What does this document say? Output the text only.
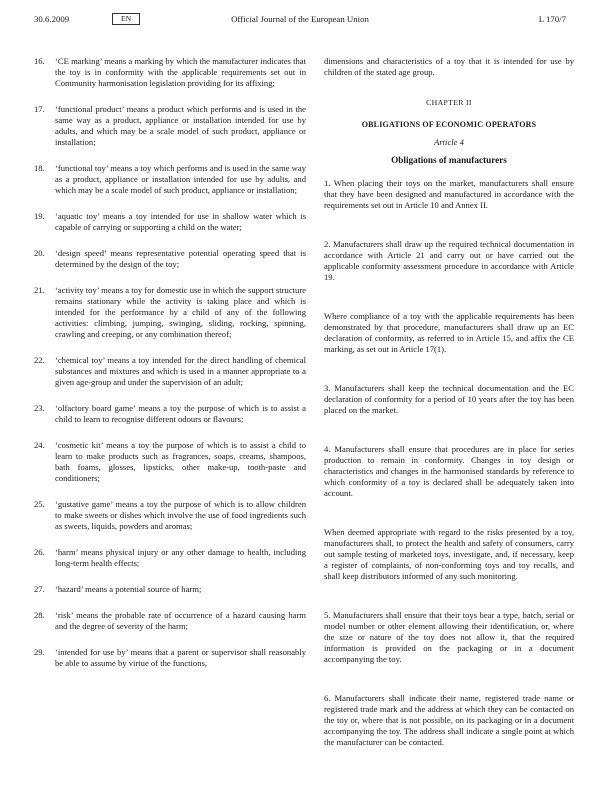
30.6.2009	EN	Official Journal of the European Union	L 170/7

16. ‘CE marking’ means a marking by which the manufacturer indicates that the toy is in conformity with the applicable requirements set out in Community harmonisation legislation providing for its affixing;

17. ‘functional product’ means a product which performs and is used in the same way as a product, appliance or installation intended for use by adults, and which may be a scale model of such product, appliance or installation;

18. ‘functional toy’ means a toy which performs and is used in the same way as a product, appliance or installation intended for use by adults, and which may be a scale model of such product, appliance or installation;

19. ‘aquatic toy’ means a toy intended for use in shallow water which is capable of carrying or supporting a child on the water;

20. ‘design speed’ means representative potential operating speed that is determined by the design of the toy;

21. ‘activity toy’ means a toy for domestic use in which the support structure remains stationary while the activity is taking place and which is intended for the performance by a child of any of the following activities: climbing, jumping, swinging, sliding, rocking, spinning, crawling and creeping, or any combination thereof;

22. ‘chemical toy’ means a toy intended for the direct handling of chemical substances and mixtures and which is used in a manner appropriate to a given age-group and under the supervision of an adult;

23. ‘olfactory board game’ means a toy the purpose of which is to assist a child to learn to recognise different odours or flavours;

24. ‘cosmetic kit’ means a toy the purpose of which is to assist a child to learn to make products such as fragrances, soaps, creams, shampoos, bath foams, glosses, lipsticks, other make-up, tooth-paste and conditioners;

25. ‘gustative game’ means a toy the purpose of which is to allow children to make sweets or dishes which involve the use of food ingredients such as sweets, liquids, powders and aromas;

26. ‘harm’ means physical injury or any other damage to health, including long-term health effects;

27. ‘hazard’ means a potential source of harm;

28. ‘risk’ means the probable rate of occurrence of a hazard causing harm and the degree of severity of the harm;

29. ‘intended for use by’ means that a parent or supervisor shall reasonably be able to assume by virtue of the functions,

dimensions and characteristics of a toy that it is intended for use by children of the stated age group.

CHAPTER II

OBLIGATIONS OF ECONOMIC OPERATORS

Article 4

Obligations of manufacturers

1. When placing their toys on the market, manufacturers shall ensure that they have been designed and manufactured in accordance with the requirements set out in Article 10 and Annex II.

2. Manufacturers shall draw up the required technical documentation in accordance with Article 21 and carry out or have carried out the applicable conformity assessment procedure in accordance with Article 19.

Where compliance of a toy with the applicable requirements has been demonstrated by that procedure, manufacturers shall draw up an EC declaration of conformity, as referred to in Article 15, and affix the CE marking, as set out in Article 17(1).

3. Manufacturers shall keep the technical documentation and the EC declaration of conformity for a period of 10 years after the toy has been placed on the market.

4. Manufacturers shall ensure that procedures are in place for series production to remain in conformity. Changes in toy design or characteristics and changes in the harmonised standards by reference to which conformity of a toy is declared shall be adequately taken into account.

When deemed appropriate with regard to the risks presented by a toy, manufacturers shall, to protect the health and safety of consumers, carry out sample testing of marketed toys, investigate, and, if necessary, keep a register of complaints, of non-conforming toys and toy recalls, and shall keep distributors informed of any such monitoring.

5. Manufacturers shall ensure that their toys bear a type, batch, serial or model number or other element allowing their identification, or, where the size or nature of the toy does not allow it, that the required information is provided on the packaging or in a document accompanying the toy.

6. Manufacturers shall indicate their name, registered trade name or registered trade mark and the address at which they can be contacted on the toy or, where that is not possible, on its packaging or in a document accompanying the toy. The address shall indicate a single point at which the manufacturer can be contacted.
